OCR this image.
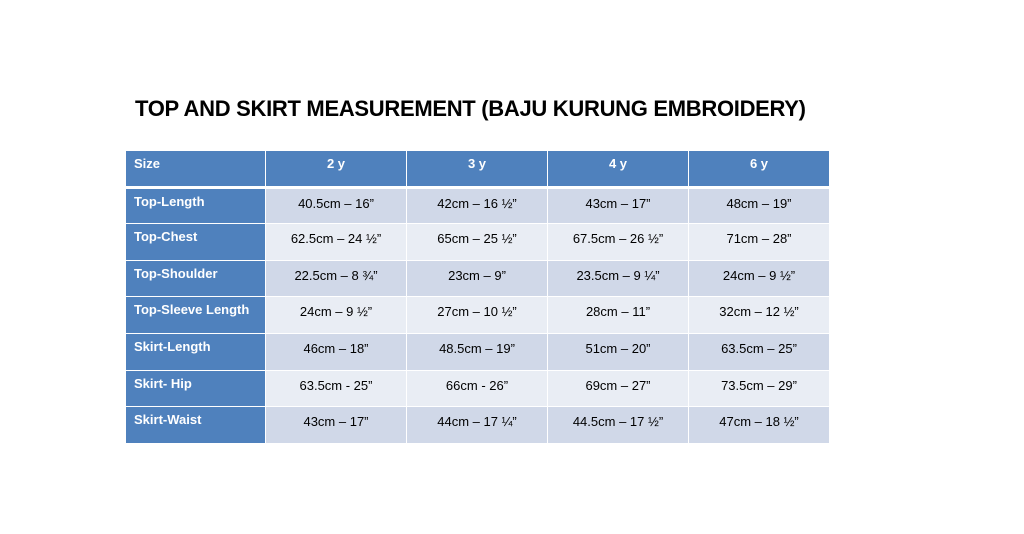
TOP AND SKIRT MEASUREMENT (BAJU KURUNG EMBROIDERY)
Size	2 y	3 y	4 y	6 y
Top-Length	40.5cm – 16”	42cm – 16 ½”	43cm – 17”	48cm – 19”
Top-Chest	62.5cm – 24 ½”	65cm – 25 ½”	67.5cm – 26 ½”	71cm – 28”
Top-Shoulder	22.5cm – 8 ¾”	23cm – 9”	23.5cm – 9 ¼”	24cm – 9 ½”
Top-Sleeve Length	24cm – 9 ½”	27cm – 10 ½”	28cm – 11”	32cm – 12 ½”
Skirt-Length	46cm – 18”	48.5cm – 19”	51cm – 20”	63.5cm – 25”
Skirt- Hip	63.5cm - 25”	66cm - 26”	69cm – 27”	73.5cm – 29”
Skirt-Waist	43cm – 17”	44cm – 17 ¼”	44.5cm – 17 ½”	47cm – 18 ½”
